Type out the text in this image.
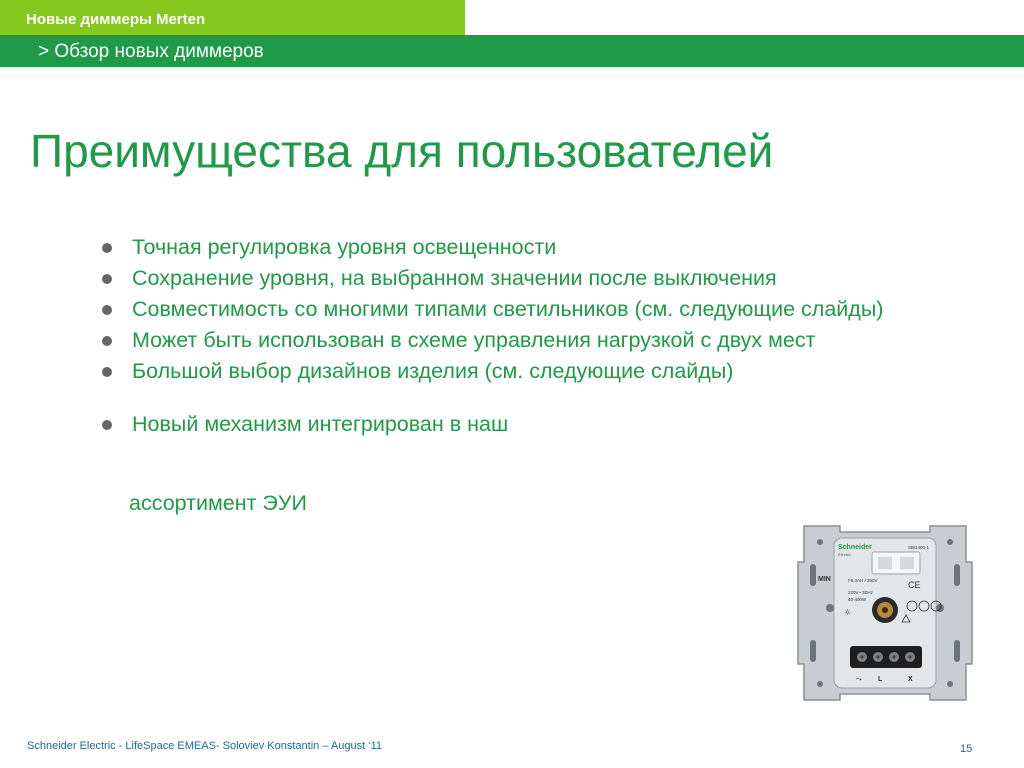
Новые диммеры Merten
> Обзор новых диммеров
Преимущества для пользователей
Точная регулировка уровня освещенности
Сохранение уровня, на выбранном значении после выключения
Совместимость со многими типами светильников (см. следующие слайды)
Может быть использован в схеме управления нагрузкой с двух мест
Большой выбор дизайнов изделия (см. следующие слайды)
Новый механизм интегрирован в наш
ассортимент ЭУИ
Schneider
Electric
SBG400-1
MIN	F6.3AH / 250V
230V~ 50Hz
40-400W
CE
☼
L	X
⤳
Schneider Electric - LifeSpace EMEAS- Soloviev Konstantin – August ‘11	15
